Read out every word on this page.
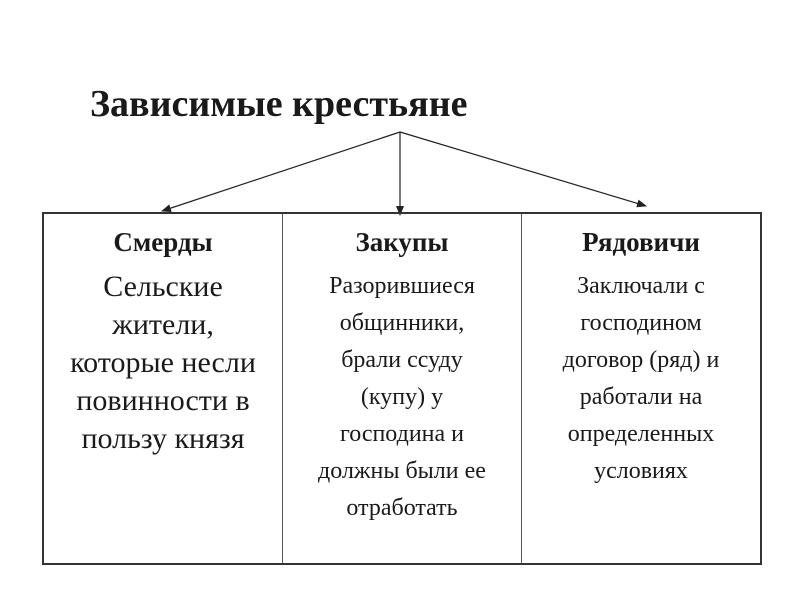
Зависимые крестьяне
Смерды
Сельские
жители,
которые несли
повинности в
пользу князя
Закупы
Разорившиеся
общинники,
брали ссуду
(купу) у
господина и
должны были ее
отработать
Рядовичи
Заключали с
господином
договор (ряд) и
работали на
определенных
условиях
